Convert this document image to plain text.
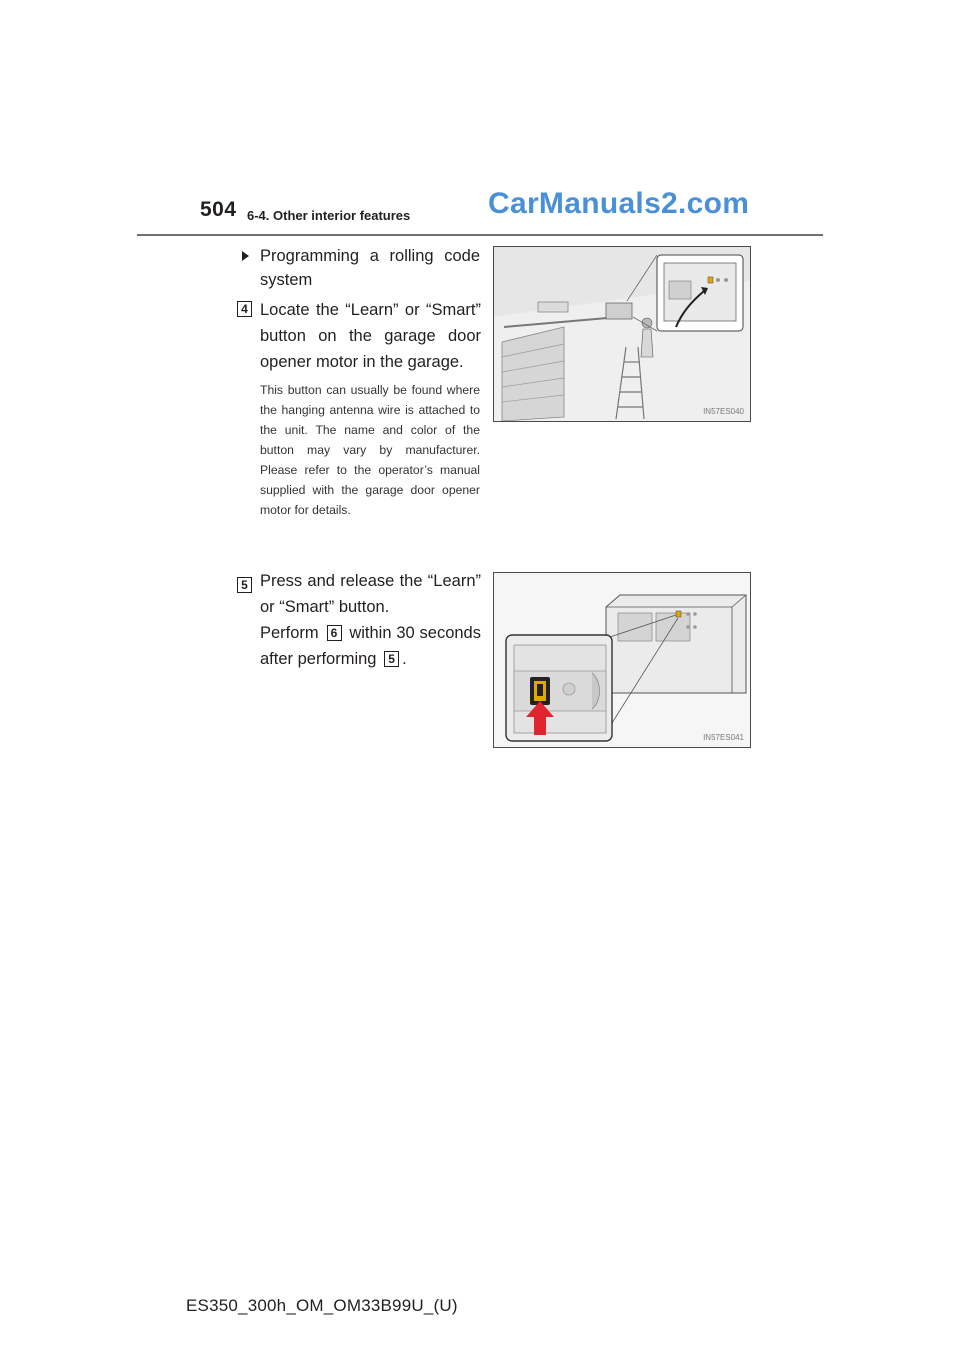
504 6-4. Other interior features	CarManuals2.com
Programming a rolling code system
4 Locate the “Learn” or “Smart” button on the garage door opener motor in the garage.
This button can usually be found where the hanging antenna wire is attached to the unit. The name and color of the button may vary by manufacturer. Please refer to the operator’s manual supplied with the garage door opener motor for details.
IN57ES040
5 Press and release the “Learn” or “Smart” button.

Perform 6 within 30 seconds after performing 5 .

IN57ES041
ES350_300h_OM_OM33B99U_(U)
